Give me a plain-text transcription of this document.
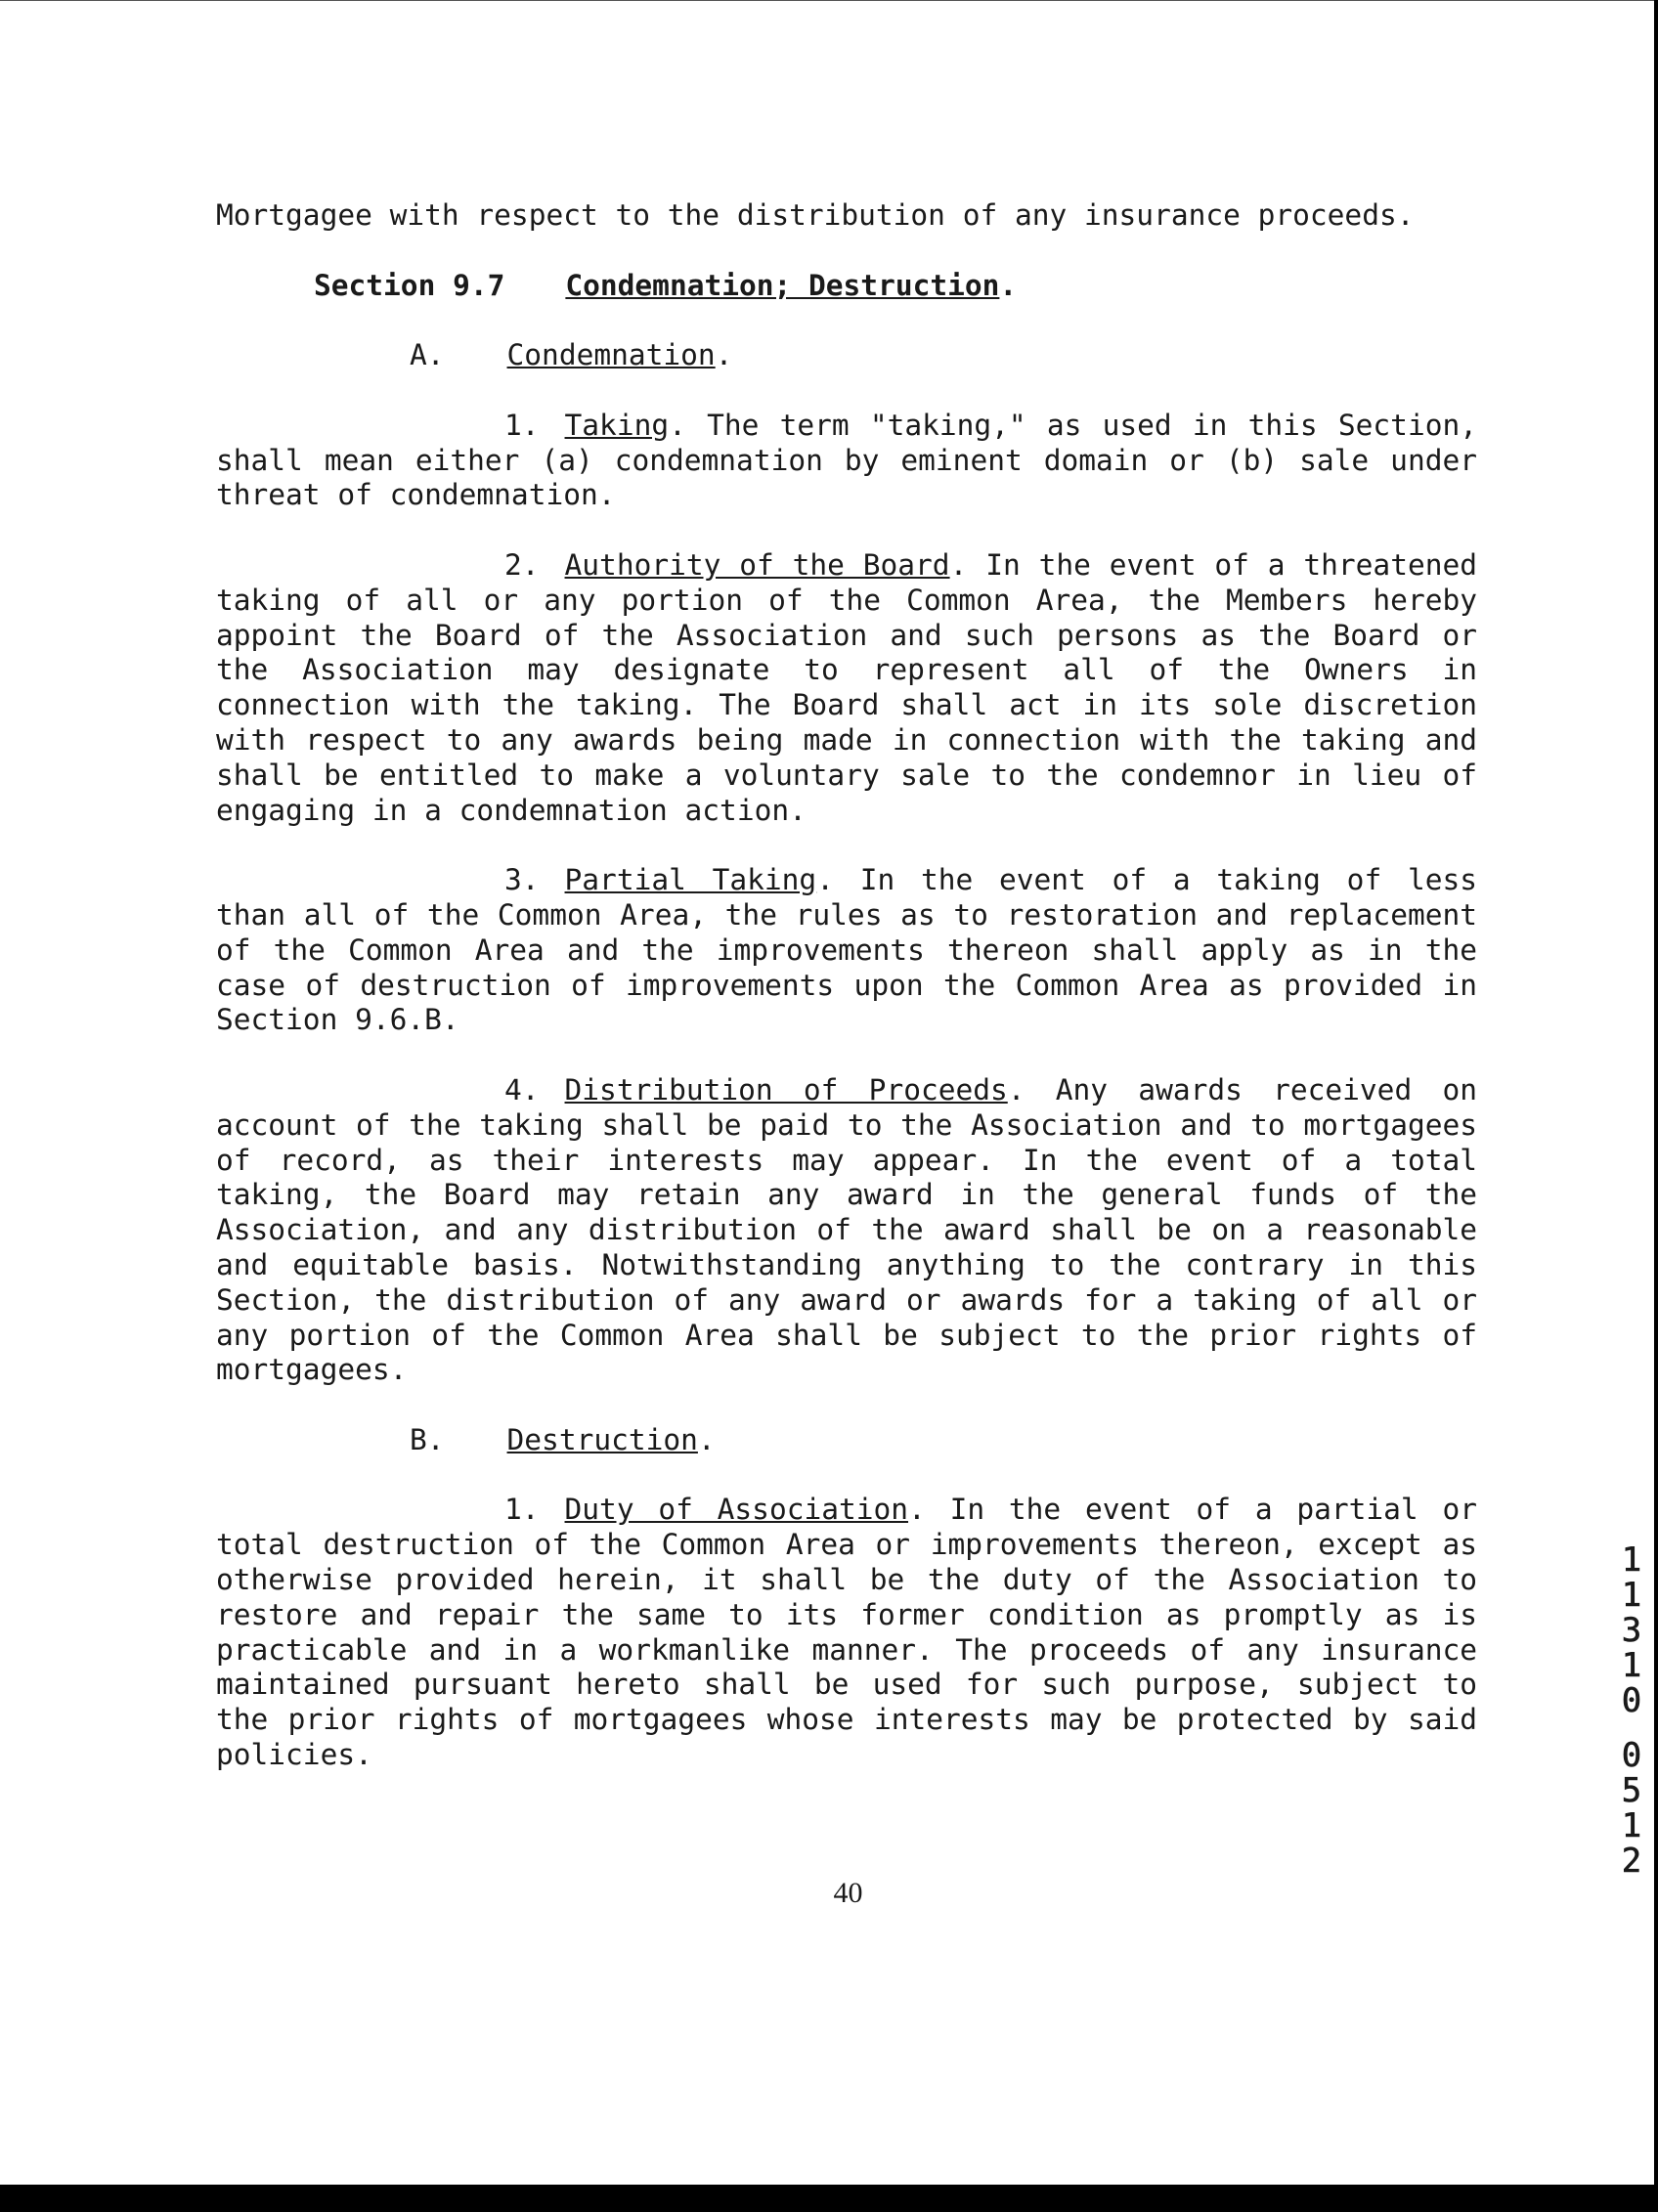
Mortgagee with respect to the distribution of any insurance proceeds.

Section 9.7 Condemnation; Destruction.
A. Condemnation.

1. Taking. The term "taking," as used in this Section, shall mean either (a) condemnation by eminent domain or (b) sale under threat of condemnation.

2. Authority of the Board. In the event of a threatened taking of all or any portion of the Common Area, the Members hereby appoint the Board of the Association and such persons as the Board or the Association may designate to represent all of the Owners in connection with the taking. The Board shall act in its sole discretion with respect to any awards being made in connection with the taking and shall be entitled to make a voluntary sale to the condemnor in lieu of engaging in a condemnation action.

3. Partial Taking. In the event of a taking of less than all of the Common Area, the rules as to restoration and replacement of the Common Area and the improvements thereon shall apply as in the case of destruction of improvements upon the Common Area as provided in Section 9.6.B.

4. Distribution of Proceeds. Any awards received on account of the taking shall be paid to the Association and to mortgagees of record, as their interests may appear. In the event of a total taking, the Board may retain any award in the general funds of the Association, and any distribution of the award shall be on a reasonable and equitable basis. Notwithstanding anything to the contrary in this Section, the distribution of any award or awards for a taking of all or any portion of the Common Area shall be subject to the prior rights of mortgagees.

B. Destruction.

1. Duty of Association. In the event of a partial or total destruction of the Common Area or improvements thereon, except as otherwise provided herein, it shall be the duty of the Association to restore and repair the same to its former condition as promptly as is practicable and in a workmanlike manner. The proceeds of any insurance maintained pursuant hereto shall be used for such purpose, subject to the prior rights of mortgagees whose interests may be protected by said policies.

40
1
1
3
1
0
0
5
1
2
